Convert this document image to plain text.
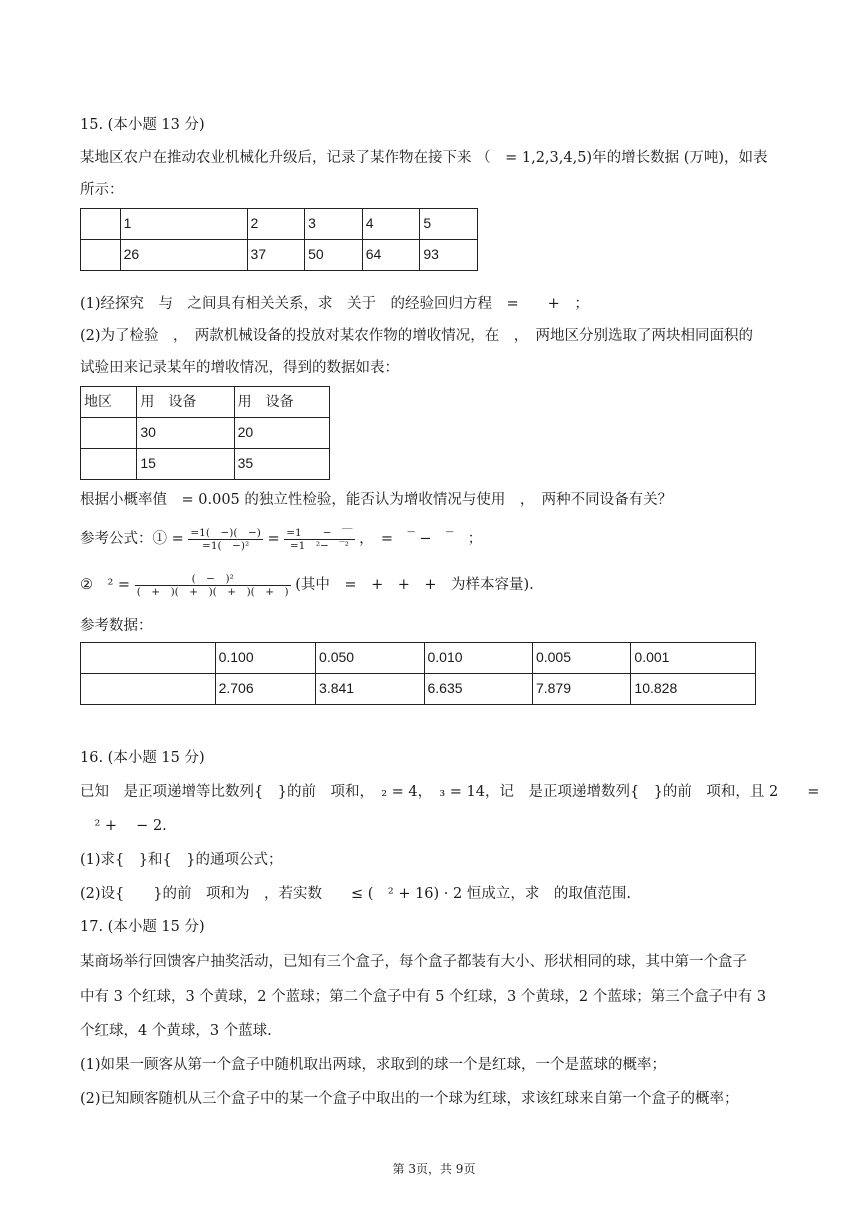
15. (本小题 13 分)
某地区农户在推动农业机械化升级后，记录了某作物在接下来 （　= 1,2,3,4,5)年的增长数据 (万吨)，如表
所示：
	1	2	3	4	5
	26	37	50	64	93
(1)经探究　与　之间具有相关关系，求　关于　的经验回归方程　=　　+　；
(2)为了检验　，　两款机械设备的投放对某农作物的增收情况，在　，　两地区分别选取了两块相同面积的
试验田来记录某年的增收情况，得到的数据如表：
地区	用　设备	用　设备
	30	20
	15	35
根据小概率值　= 0.005 的独立性检验，能否认为增收情况与使用　，　两种不同设备有关？
参考公式：① = $\frac{=1( -)( -)}{\text{=1(　−)²}} = \frac{=1 - ‾‾}{\text{=1　²−　‾²}}$ ，　=　‾ −　‾　；
②　$^2 = \frac{\text{(　−　)²}}{( + )( + )( + )( + )}$ (其中　=　+　+　+　为样本容量).
参考数据：
	0.100	0.050	0.010	0.005	0.001
	2.706	3.841	6.635	7.879	10.828
16. (本小题 15 分)
已知　是正项递增等比数列{　}的前　项和，　₂ = 4，　₃ = 14，记　是正项递增数列{　}的前　项和，且 2　　=
　² +　 − 2.
(1)求{　}和{　}的通项公式；
(2)设{　　}的前　项和为　，若实数　　≤ (　² + 16) · 2 恒成立，求　的取值范围.
17. (本小题 15 分)
某商场举行回馈客户抽奖活动，已知有三个盒子，每个盒子都装有大小、形状相同的球，其中第一个盒子
中有 3 个红球，3 个黄球，2 个蓝球；第二个盒子中有 5 个红球，3 个黄球，2 个蓝球；第三个盒子中有 3
个红球，4 个黄球，3 个蓝球.
(1)如果一顾客从第一个盒子中随机取出两球，求取到的球一个是红球，一个是蓝球的概率；
(2)已知顾客随机从三个盒子中的某一个盒子中取出的一个球为红球，求该红球来自第一个盒子的概率；
第 3页，共 9页
